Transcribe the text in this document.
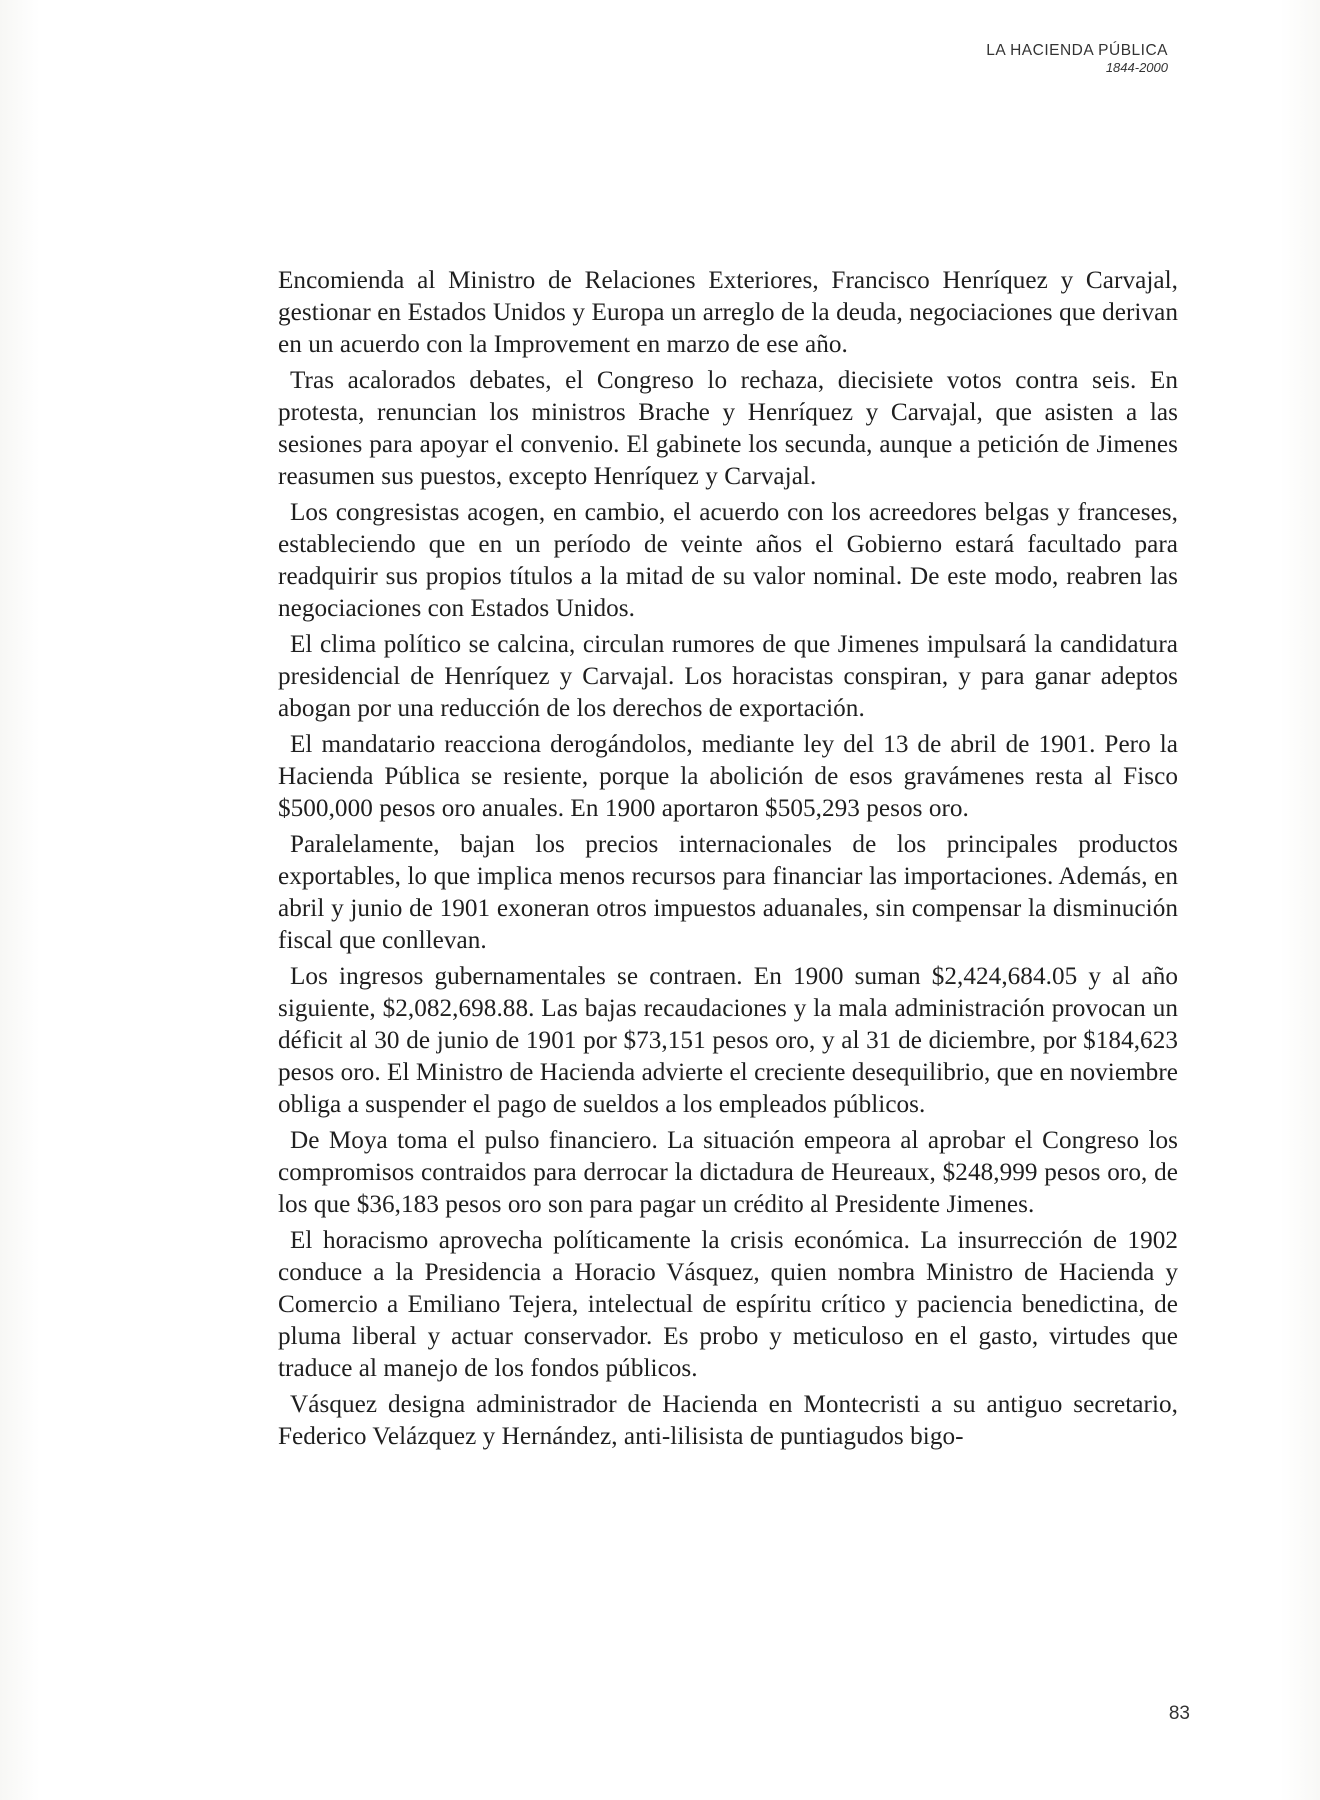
LA HACIENDA PÚBLICA
1844-2000

Encomienda al Ministro de Relaciones Exteriores, Francisco Henríquez y Carvajal, gestionar en Estados Unidos y Europa un arreglo de la deuda, negociaciones que derivan en un acuerdo con la Improvement en marzo de ese año.

Tras acalorados debates, el Congreso lo rechaza, diecisiete votos contra seis. En protesta, renuncian los ministros Brache y Henríquez y Carvajal, que asisten a las sesiones para apoyar el convenio. El gabinete los secunda, aunque a petición de Jimenes reasumen sus puestos, excepto Henríquez y Carvajal.

Los congresistas acogen, en cambio, el acuerdo con los acreedores belgas y franceses, estableciendo que en un período de veinte años el Gobierno estará facultado para readquirir sus propios títulos a la mitad de su valor nominal. De este modo, reabren las negociaciones con Estados Unidos.

El clima político se calcina, circulan rumores de que Jimenes impulsará la candidatura presidencial de Henríquez y Carvajal. Los horacistas conspiran, y para ganar adeptos abogan por una reducción de los derechos de exportación.

El mandatario reacciona derogándolos, mediante ley del 13 de abril de 1901. Pero la Hacienda Pública se resiente, porque la abolición de esos gravámenes resta al Fisco $500,000 pesos oro anuales. En 1900 aportaron $505,293 pesos oro.

Paralelamente, bajan los precios internacionales de los principales productos exportables, lo que implica menos recursos para financiar las importaciones. Además, en abril y junio de 1901 exoneran otros impuestos aduanales, sin compensar la disminución fiscal que conllevan.

Los ingresos gubernamentales se contraen. En 1900 suman $2,424,684.05 y al año siguiente, $2,082,698.88. Las bajas recaudaciones y la mala administración provocan un déficit al 30 de junio de 1901 por $73,151 pesos oro, y al 31 de diciembre, por $184,623 pesos oro. El Ministro de Hacienda advierte el creciente desequilibrio, que en noviembre obliga a suspender el pago de sueldos a los empleados públicos.

De Moya toma el pulso financiero. La situación empeora al aprobar el Congreso los compromisos contraidos para derrocar la dictadura de Heureaux, $248,999 pesos oro, de los que $36,183 pesos oro son para pagar un crédito al Presidente Jimenes.

El horacismo aprovecha políticamente la crisis económica. La insurrección de 1902 conduce a la Presidencia a Horacio Vásquez, quien nombra Ministro de Hacienda y Comercio a Emiliano Tejera, intelectual de espíritu crítico y paciencia benedictina, de pluma liberal y actuar conservador. Es probo y meticuloso en el gasto, virtudes que traduce al manejo de los fondos públicos.

Vásquez designa administrador de Hacienda en Montecristi a su antiguo secretario, Federico Velázquez y Hernández, anti-lilisista de puntiagudos bigo-

83
